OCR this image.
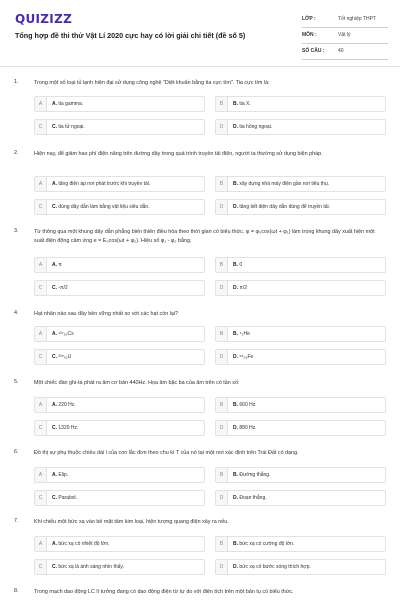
QUIZIZZ
Tổng hợp đề thi thử Vật Lí 2020 cực hay có lời giải chi tiết (đề số 5)
LỚP :	Tốt nghiệp THPT
MÔN :	Vật lý
SỐ CÂU :	40
1.	Trong một số loại tủ lạnh hiện đại sử dụng công nghệ "Diệt khuẩn bằng tia cực tím". Tia cực tím là:
A	A. tia gamma.	B	B. tia X.
C	C. tia tử ngoại.	D	D. tia hồng ngoại.
2.	Hiện nay, để giảm hao phí điện năng trên đường dây trong quá trình truyền tải điện, người ta thường sử dụng biện pháp.
A	A. tăng điện áp nơi phát trước khi truyền tải.	B	B. xây dựng nhà máy điện gần nơi tiêu thụ.
C	C. dùng dây dẫn làm bằng vật liệu siêu dẫn.	D	D. tăng tiết diện dây dẫn dùng để truyền tải.
3.	Từ thông qua một khung dây dẫn phẳng biến thiên điều hòa theo thời gian có biểu thức. φ = φ₀cos(ωt + φ₁) làm trong khung dây xuất hiện một suất điện động cảm ứng e = E₀cos(ωt + φ₂). Hiệu số φ₁ - φ₂ bằng.
A	A. π	B	B. 0
C	C. -π/2	D	D. π/2
4.	Hạt nhân nào sau đây bền vững nhất so với các hạt còn lại?
A	A. ¹³⁷₅₅Cs	B	B. ⁴₂He
C	C. ²³⁵₉₂U	D	D. ⁵⁶₂₆Fe
5.	Một chiếc đàn ghi-ta phát ra âm cơ bản 440Hz. Họa âm bậc ba của âm trên có tần số:
A	A. 220 Hz.	B	B. 660 Hz.
C	C. 1320 Hz.	D	D. 880 Hz.
6.	Đồ thị sự phụ thuộc chiều dài l của con lắc đơn theo chu kì T của nó tại một nơi xác định trên Trái Đất có dạng.
A	A. Elip.	B	B. Đường thẳng.
C	C. Parabol.	D	D. Đoạn thẳng.
7.	Khi chiếu một bức xạ vào bề mặt tấm kim loại, hiện tượng quang điện xảy ra nếu.
A	A. bức xạ có nhiệt độ lớn.	B	B. bức xạ có cường độ lớn.
C	C. bức xạ là ánh sáng nhìn thấy.	D	D. bức xạ có bước sóng thích hợp.
8.	Trong mạch dao động LC lí tưởng đang có dao động điện từ tự do với điện tích trên một bản tụ có biểu thức.
